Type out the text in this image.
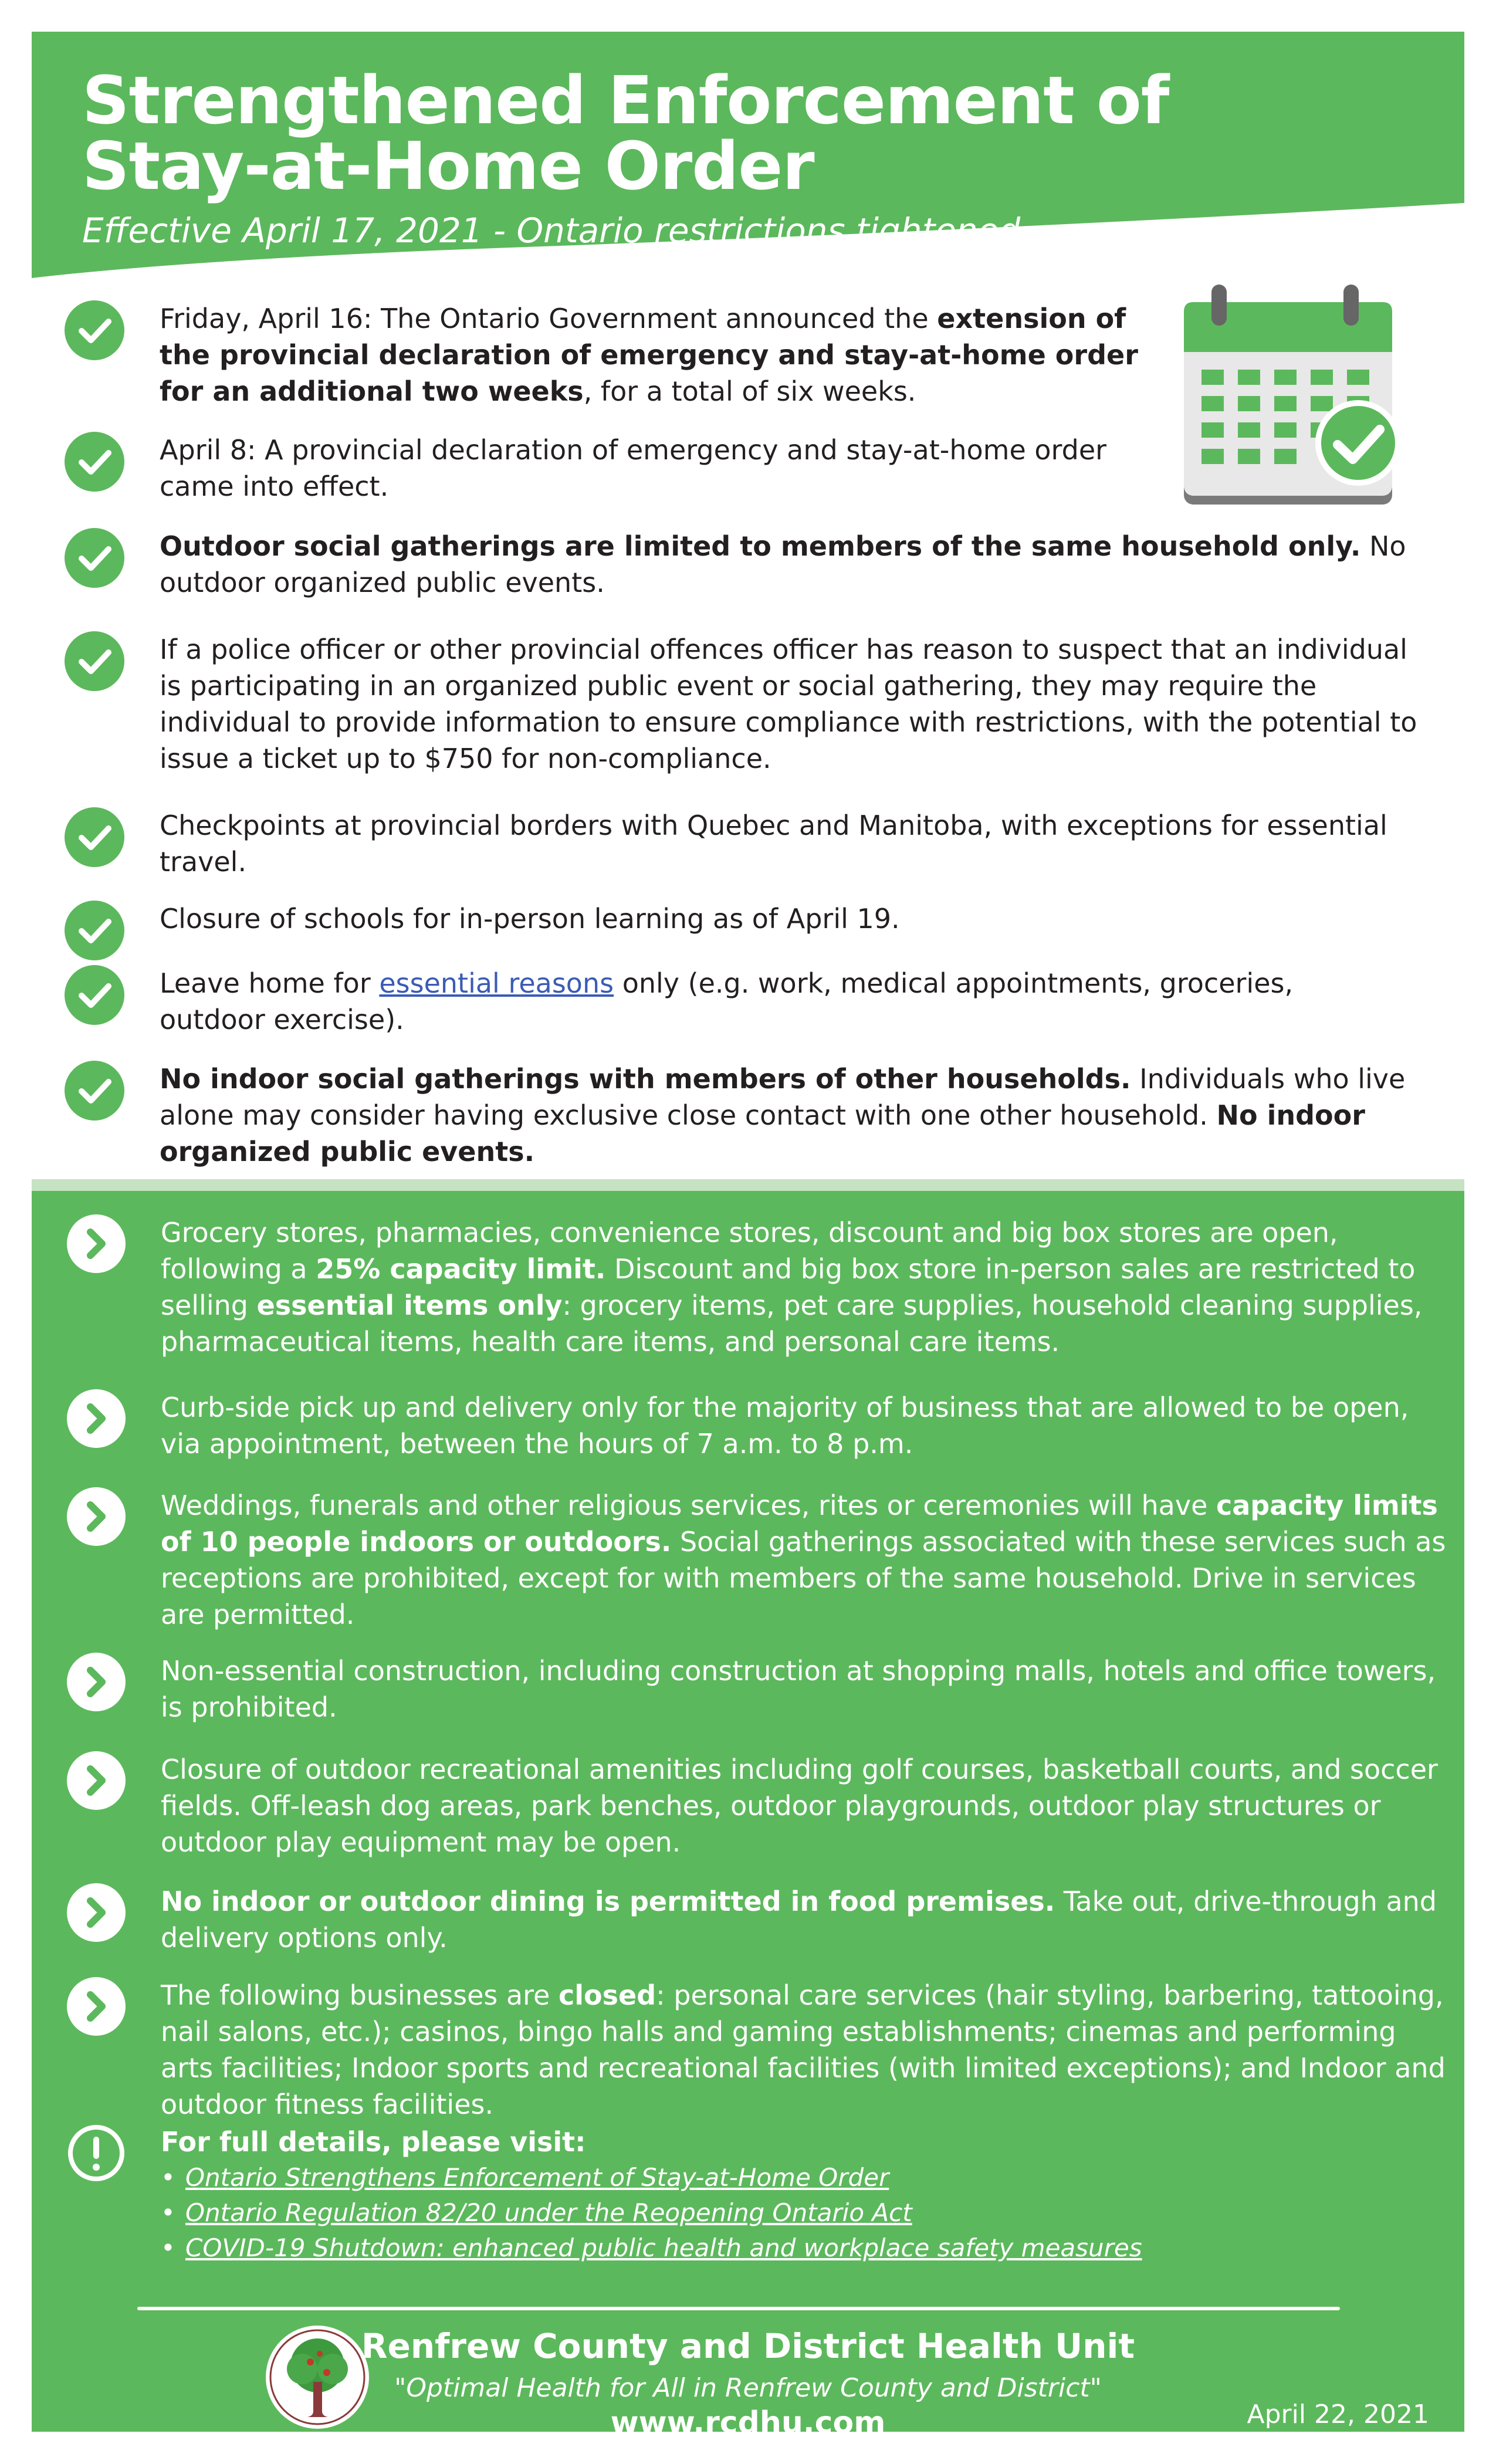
Strengthened Enforcement of Stay-at-Home Order
Effective April 17, 2021 - Ontario restrictions tightened
Friday, April 16: The Ontario Government announced the extension of the provincial declaration of emergency and stay-at-home order for an additional two weeks, for a total of six weeks.
April 8: A provincial declaration of emergency and stay-at-home order came into effect.
Outdoor social gatherings are limited to members of the same household only. No outdoor organized public events.
If a police officer or other provincial offences officer has reason to suspect that an individual is participating in an organized public event or social gathering, they may require the individual to provide information to ensure compliance with restrictions, with the potential to issue a ticket up to $750 for non-compliance.
Checkpoints at provincial borders with Quebec and Manitoba, with exceptions for essential travel.
Closure of schools for in-person learning as of April 19.
Leave home for essential reasons only (e.g. work, medical appointments, groceries, outdoor exercise).
No indoor social gatherings with members of other households. Individuals who live alone may consider having exclusive close contact with one other household. No indoor organized public events.
Grocery stores, pharmacies, convenience stores, discount and big box stores are open, following a 25% capacity limit. Discount and big box store in-person sales are restricted to selling essential items only: grocery items, pet care supplies, household cleaning supplies, pharmaceutical items, health care items, and personal care items.
Curb-side pick up and delivery only for the majority of business that are allowed to be open, via appointment, between the hours of 7 a.m. to 8 p.m.
Weddings, funerals and other religious services, rites or ceremonies will have capacity limits of 10 people indoors or outdoors. Social gatherings associated with these services such as receptions are prohibited, except for with members of the same household. Drive in services are permitted.
Non-essential construction, including construction at shopping malls, hotels and office towers, is prohibited.
Closure of outdoor recreational amenities including golf courses, basketball courts, and soccer fields. Off-leash dog areas, park benches, outdoor playgrounds, outdoor play structures or outdoor play equipment may be open.
No indoor or outdoor dining is permitted in food premises. Take out, drive-through and delivery options only.
The following businesses are closed: personal care services (hair styling, barbering, tattooing, nail salons, etc.); casinos, bingo halls and gaming establishments; cinemas and performing arts facilities; Indoor sports and recreational facilities (with limited exceptions); and Indoor and outdoor fitness facilities.
For full details, please visit:
• Ontario Strengthens Enforcement of Stay-at-Home Order
• Ontario Regulation 82/20 under the Reopening Ontario Act
• COVID-19 Shutdown: enhanced public health and workplace safety measures
Renfrew County and District Health Unit
"Optimal Health for All in Renfrew County and District"
www.rcdhu.com	April 22, 2021
